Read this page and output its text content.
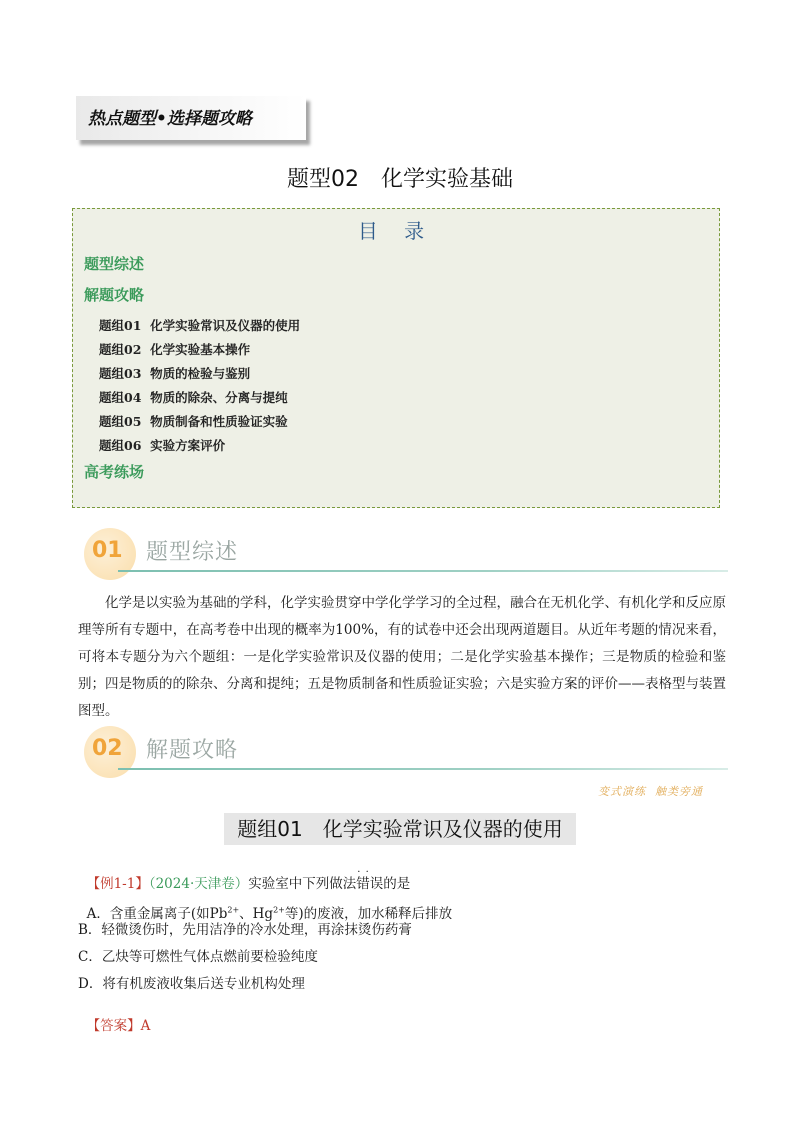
热点题型•选择题攻略
题型02　化学实验基础
目 录
题型综述
解题攻略
题组01  化学实验常识及仪器的使用
题组02  化学实验基本操作
题组03  物质的检验与鉴别
题组04  物质的除杂、分离与提纯
题组05  物质制备和性质验证实验
题组06  实验方案评价
高考练场
01 题型综述
化学是以实验为基础的学科，化学实验贯穿中学化学学习的全过程，融合在无机化学、有机化学和反应原理等所有专题中，在高考卷中出现的概率为100%，有的试卷中还会出现两道题目。从近年考题的情况来看，可将本专题分为六个题组：一是化学实验常识及仪器的使用；二是化学实验基本操作；三是物质的检验和鉴别；四是物质的的除杂、分离和提纯；五是物质制备和性质验证实验；六是实验方案的评价——表格型与装置图型。
02 解题攻略
变式演练  触类旁通
题组01　化学实验常识及仪器的使用

【例1-1】（2024·天津卷）实验室中下列做法错误 · ·的是

A．含重金属离子(如$Pb^{2+}$、$Hg^{2+}$等)的废液，加水稀释后排放

B．轻微烫伤时，先用洁净的冷水处理，再涂抹烫伤药膏
C．乙炔等可燃性气体点燃前要检验纯度
D．将有机废液收集后送专业机构处理

【答案】A
